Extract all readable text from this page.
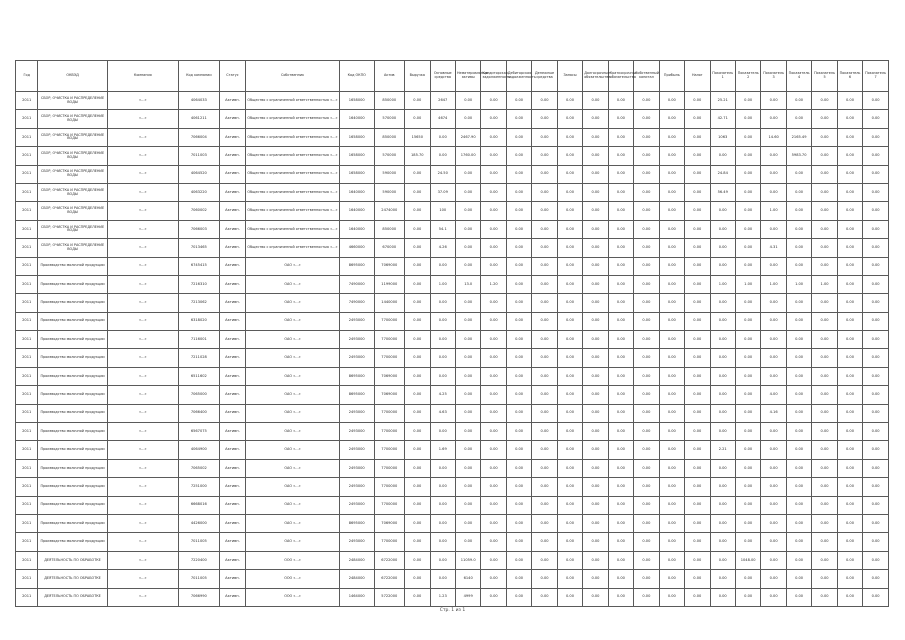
Год	ОКВЭД	Компания	Код компании	Статус	Собственник	Код ОКПО	Актив	Выручка	Основные средства	Нематериальные активы	Кредиторская задолженность	Дебиторская задолженность	Денежные средства	Запасы	Долгосрочные обязательства	Краткосрочные обязательства	Собственный капитал	Прибыль	Налог	Показатель 1	Показатель 2	Показатель 3	Показатель 4	Показатель 5	Показатель 6	Показатель 7
2011	СБОР, ОЧИСТКА И РАСПРЕДЕЛЕНИЕ ВОДЫ	«…»	4064033	Активн.	Общество с ограниченной ответственностью «…»	1658000	850000	0.00	2647	0.00	0.00	0.00	0.00	0.00	0.00	0.00	0.00	0.00	0.00	25.21	0.00	0.00	0.00	0.00	0.00	0.00
2011	СБОР, ОЧИСТКА И РАСПРЕДЕЛЕНИЕ ВОДЫ	«…»	4061211	Активн.	Общество с ограниченной ответственностью «…»	1640000	570000	0.00	4674	0.00	0.00	0.00	0.00	0.00	0.00	0.00	0.00	0.00	0.00	42.71	0.00	0.00	0.00	0.00	0.00	0.00
2011	СБОР, ОЧИСТКА И РАСПРЕДЕЛЕНИЕ ВОДЫ	«…»	7066004	Активн.	Общество с ограниченной ответственностью «…»	1658000	850000	15650	0.00	2467.90	0.00	0.00	0.00	0.00	0.00	0.00	0.00	0.00	0.00	1063	0.00	14.60	2165.49	0.00	0.00	0.00
2011	СБОР, ОЧИСТКА И РАСПРЕДЕЛЕНИЕ ВОДЫ	«…»	7011003	Активн.	Общество с ограниченной ответственностью «…»	1658000	570000	185.70	0.00	1760.00	0.00	0.00	0.00	0.00	0.00	0.00	0.00	0.00	0.00	0.00	0.00	0.00	5983.70	0.00	0.00	0.00
2011	СБОР, ОЧИСТКА И РАСПРЕДЕЛЕНИЕ ВОДЫ	«…»	4064520	Активн.	Общество с ограниченной ответственностью «…»	1658000	590000	0.00	24.50	0.00	0.00	0.00	0.00	0.00	0.00	0.00	0.00	0.00	0.00	24.84	0.00	0.00	0.00	0.00	0.00	0.00
2011	СБОР, ОЧИСТКА И РАСПРЕДЕЛЕНИЕ ВОДЫ	«…»	4063220	Активн.	Общество с ограниченной ответственностью «…»	1640000	590000	0.00	37.09	0.00	0.00	0.00	0.00	0.00	0.00	0.00	0.00	0.00	0.00	56.49	0.00	0.00	0.00	0.00	0.00	0.00
2011	СБОР, ОЧИСТКА И РАСПРЕДЕЛЕНИЕ ВОДЫ	«…»	7060002	Активн.	Общество с ограниченной ответственностью «…»	1640000	2474000	0.00	100	0.00	0.00	0.00	0.00	0.00	0.00	0.00	0.00	0.00	0.00	0.00	0.00	1.00	0.00	0.00	0.00	0.00
2011	СБОР, ОЧИСТКА И РАСПРЕДЕЛЕНИЕ ВОДЫ	«…»	7066003	Активн.	Общество с ограниченной ответственностью «…»	1640000	850000	0.00	54.1	0.00	0.00	0.00	0.00	0.00	0.00	0.00	0.00	0.00	0.00	0.00	0.00	0.00	0.00	0.00	0.00	0.00
2011	СБОР, ОЧИСТКА И РАСПРЕДЕЛЕНИЕ ВОДЫ	«…»	7013465	Активн.	Общество с ограниченной ответственностью «…»	4660000	670000	0.00	4.26	0.00	0.00	0.00	0.00	0.00	0.00	0.00	0.00	0.00	0.00	0.00	0.00	4.31	0.00	0.00	0.00	0.00
2011	Производство молочной продукции	«…»	6745415	Активн.	ОАО «…»	8695000	7069000	0.00	0.00	0.00	0.00	0.00	0.00	0.00	0.00	0.00	0.00	0.00	0.00	0.00	0.00	0.00	0.00	0.00	0.00	0.00
2011	Производство молочной продукции	«…»	7216310	Активн.	ОАО «…»	7490000	1199000	0.00	1.00	13.0	1.20	0.00	0.00	0.00	0.00	0.00	0.00	0.00	0.00	1.00	1.00	1.00	1.00	1.00	0.00	0.00
2011	Производство молочной продукции	«…»	7213062	Активн.	ОАО «…»	7490000	1440000	0.00	0.00	0.00	0.00	0.00	0.00	0.00	0.00	0.00	0.00	0.00	0.00	0.00	0.00	0.00	0.00	0.00	0.00	0.00
2011	Производство молочной продукции	«…»	6318020	Активн.	ОАО «…»	2493000	7700000	0.00	0.00	0.00	0.00	0.00	0.00	0.00	0.00	0.00	0.00	0.00	0.00	0.00	0.00	0.00	0.00	0.00	0.00	0.00
2011	Производство молочной продукции	«…»	7116001	Активн.	ОАО «…»	2493000	7700000	0.00	0.00	0.00	0.00	0.00	0.00	0.00	0.00	0.00	0.00	0.00	0.00	0.00	0.00	0.00	0.00	0.00	0.00	0.00
2011	Производство молочной продукции	«…»	7211028	Активн.	ОАО «…»	2493000	7700000	0.00	0.00	0.00	0.00	0.00	0.00	0.00	0.00	0.00	0.00	0.00	0.00	0.00	0.00	0.00	0.00	0.00	0.00	0.00
2011	Производство молочной продукции	«…»	6511602	Активн.	ОАО «…»	8695000	7069000	0.00	0.00	0.00	0.00	0.00	0.00	0.00	0.00	0.00	0.00	0.00	0.00	0.00	0.00	0.00	0.00	0.00	0.00	0.00
2011	Производство молочной продукции	«…»	7065000	Активн.	ОАО «…»	8695000	7069000	0.00	4.25	0.00	0.00	0.00	0.00	0.00	0.00	0.00	0.00	0.00	0.00	0.00	0.00	4.00	0.00	0.00	0.00	0.00
2011	Производство молочной продукции	«…»	7066400	Активн.	ОАО «…»	2493000	7700000	0.00	4.63	0.00	0.00	0.00	0.00	0.00	0.00	0.00	0.00	0.00	0.00	0.00	0.00	4.16	0.00	0.00	0.00	0.00
2011	Производство молочной продукции	«…»	6567075	Активн.	ОАО «…»	2493000	7700000	0.00	0.00	0.00	0.00	0.00	0.00	0.00	0.00	0.00	0.00	0.00	0.00	0.00	0.00	0.00	0.00	0.00	0.00	0.00
2011	Производство молочной продукции	«…»	4064900	Активн.	ОАО «…»	2493000	7700000	0.00	1.69	0.00	0.00	0.00	0.00	0.00	0.00	0.00	0.00	0.00	0.00	2.21	0.00	0.00	0.00	0.00	0.00	0.00
2011	Производство молочной продукции	«…»	7065002	Активн.	ОАО «…»	2493000	7700000	0.00	0.00	0.00	0.00	0.00	0.00	0.00	0.00	0.00	0.00	0.00	0.00	0.00	0.00	0.00	0.00	0.00	0.00	0.00
2011	Производство молочной продукции	«…»	7251000	Активн.	ОАО «…»	2493000	7700000	0.00	0.00	0.00	0.00	0.00	0.00	0.00	0.00	0.00	0.00	0.00	0.00	0.00	0.00	0.00	0.00	0.00	0.00	0.00
2011	Производство молочной продукции	«…»	6668016	Активн.	ОАО «…»	2493000	7700000	0.00	0.00	0.00	0.00	0.00	0.00	0.00	0.00	0.00	0.00	0.00	0.00	0.00	0.00	0.00	0.00	0.00	0.00	0.00
2011	Производство молочной продукции	«…»	4426000	Активн.	ОАО «…»	8695000	7069000	0.00	0.00	0.00	0.00	0.00	0.00	0.00	0.00	0.00	0.00	0.00	0.00	0.00	0.00	0.00	0.00	0.00	0.00	0.00
2011	Производство молочной продукции	«…»	7011005	Активн.	ОАО «…»	2493000	7700000	0.00	0.00	0.00	0.00	0.00	0.00	0.00	0.00	0.00	0.00	0.00	0.00	0.00	0.00	0.00	0.00	0.00	0.00	0.00
2011	ДЕЯТЕЛЬНОСТЬ ПО ОБРАБОТКЕ	«…»	7220400	Активн.	ООО «…»	2484000	6722000	0.00	0.00	11059.0	0.00	0.00	0.00	0.00	0.00	0.00	0.00	0.00	0.00	0.00	1048.00	0.00	0.00	0.00	0.00	0.00
2011	ДЕЯТЕЛЬНОСТЬ ПО ОБРАБОТКЕ	«…»	7011005	Активн.	ООО «…»	2484000	6722000	0.00	0.00	6140	0.00	0.00	0.00	0.00	0.00	0.00	0.00	0.00	0.00	0.00	0.00	0.00	0.00	0.00	0.00	0.00
2011	ДЕЯТЕЛЬНОСТЬ ПО ОБРАБОТКЕ	«…»	7066990	Активн.	ООО «…»	1464000	5722000	0.00	1.23	4999	0.00	0.00	0.00	0.00	0.00	0.00	0.00	0.00	0.00	0.00	0.00	0.00	0.00	0.00	0.00	0.00
Стр. 1 из 1
